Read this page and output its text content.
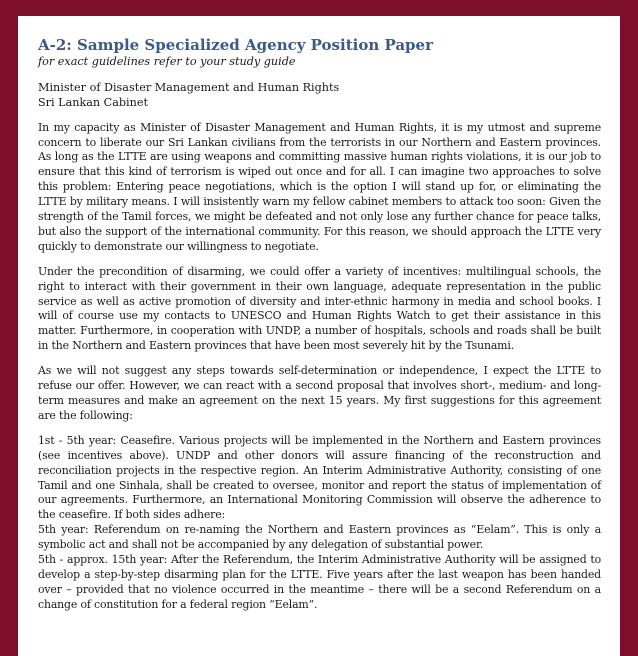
A-2: Sample Specialized Agency Position Paper
for exact guidelines refer to your study guide
Minister of Disaster Management and Human Rights
Sri Lankan Cabinet

In my capacity as Minister of Disaster Management and Human Rights, it is my utmost and supreme concern to liberate our Sri Lankan civilians from the terrorists in our Northern and Eastern provinces. As long as the LTTE are using weapons and committing massive human rights violations, it is our job to ensure that this kind of terrorism is wiped out once and for all. I can imagine two approaches to solve this problem: Entering peace negotiations, which is the option I will stand up for, or eliminating the LTTE by military means. I will insistently warn my fellow cabinet members to attack too soon: Given the strength of the Tamil forces, we might be defeated and not only lose any further chance for peace talks, but also the support of the international community. For this reason, we should approach the LTTE very quickly to demonstrate our willingness to negotiate.

Under the precondition of disarming, we could offer a variety of incentives: multilingual schools, the right to interact with their government in their own language, adequate representation in the public service as well as active promotion of diversity and inter-ethnic harmony in media and school books. I will of course use my contacts to UNESCO and Human Rights Watch to get their assistance in this matter. Furthermore, in cooperation with UNDP, a number of hospitals, schools and roads shall be built in the Northern and Eastern provinces that have been most severely hit by the Tsunami.

As we will not suggest any steps towards self-determination or independence, I expect the LTTE to refuse our offer. However, we can react with a second proposal that involves short-, medium- and long-term measures and make an agreement on the next 15 years. My first suggestions for this agreement are the following:

1st - 5th year: Ceasefire. Various projects will be implemented in the Northern and Eastern provinces (see incentives above). UNDP and other donors will assure financing of the reconstruction and reconciliation projects in the respective region. An Interim Administrative Authority, consisting of one Tamil and one Sinhala, shall be created to oversee, monitor and report the status of implementation of our agreements. Furthermore, an International Monitoring Commission will observe the adherence to the ceasefire. If both sides adhere:

5th year: Referendum on re-naming the Northern and Eastern provinces as “Eelam”. This is only a symbolic act and shall not be accompanied by any delegation of substantial power.

5th - approx. 15th year: After the Referendum, the Interim Administrative Authority will be assigned to develop a step-by-step disarming plan for the LTTE. Five years after the last weapon has been handed over – provided that no violence occurred in the meantime – there will be a second Referendum on a change of constitution for a federal region “Eelam”.
